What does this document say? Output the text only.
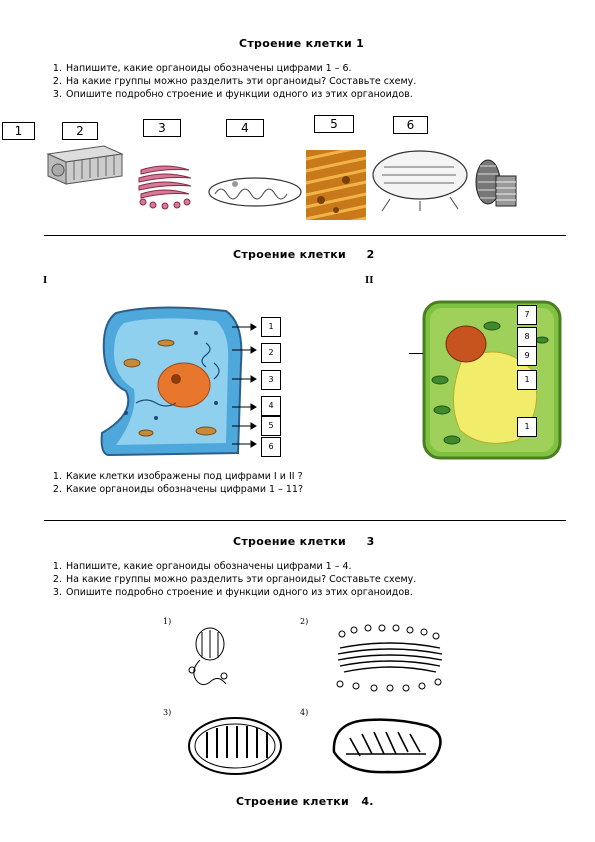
Строение клетки 1
1. Напишите, какие органоиды обозначены цифрами 1 – 6.
2. На какие группы можно разделить эти органоиды? Составьте схему.
3. Опишите подробно строение и функции одного из этих органоидов.
1	2	3	4	5	6
Строение клетки     2
I	II
1
2
3
4
5
6
7
8
9
1
1
1. Какие клетки изображены под цифрами I и II ?
2. Какие органоиды обозначены цифрами 1 – 11?
Строение клетки     3
1. Напишите, какие органоиды обозначены цифрами 1 – 4.
2. На какие группы можно разделить эти органоиды? Составьте схему.
3. Опишите подробно строение и функции одного из этих органоидов.
1)	2)
3)	4)
Строение клетки   4.
